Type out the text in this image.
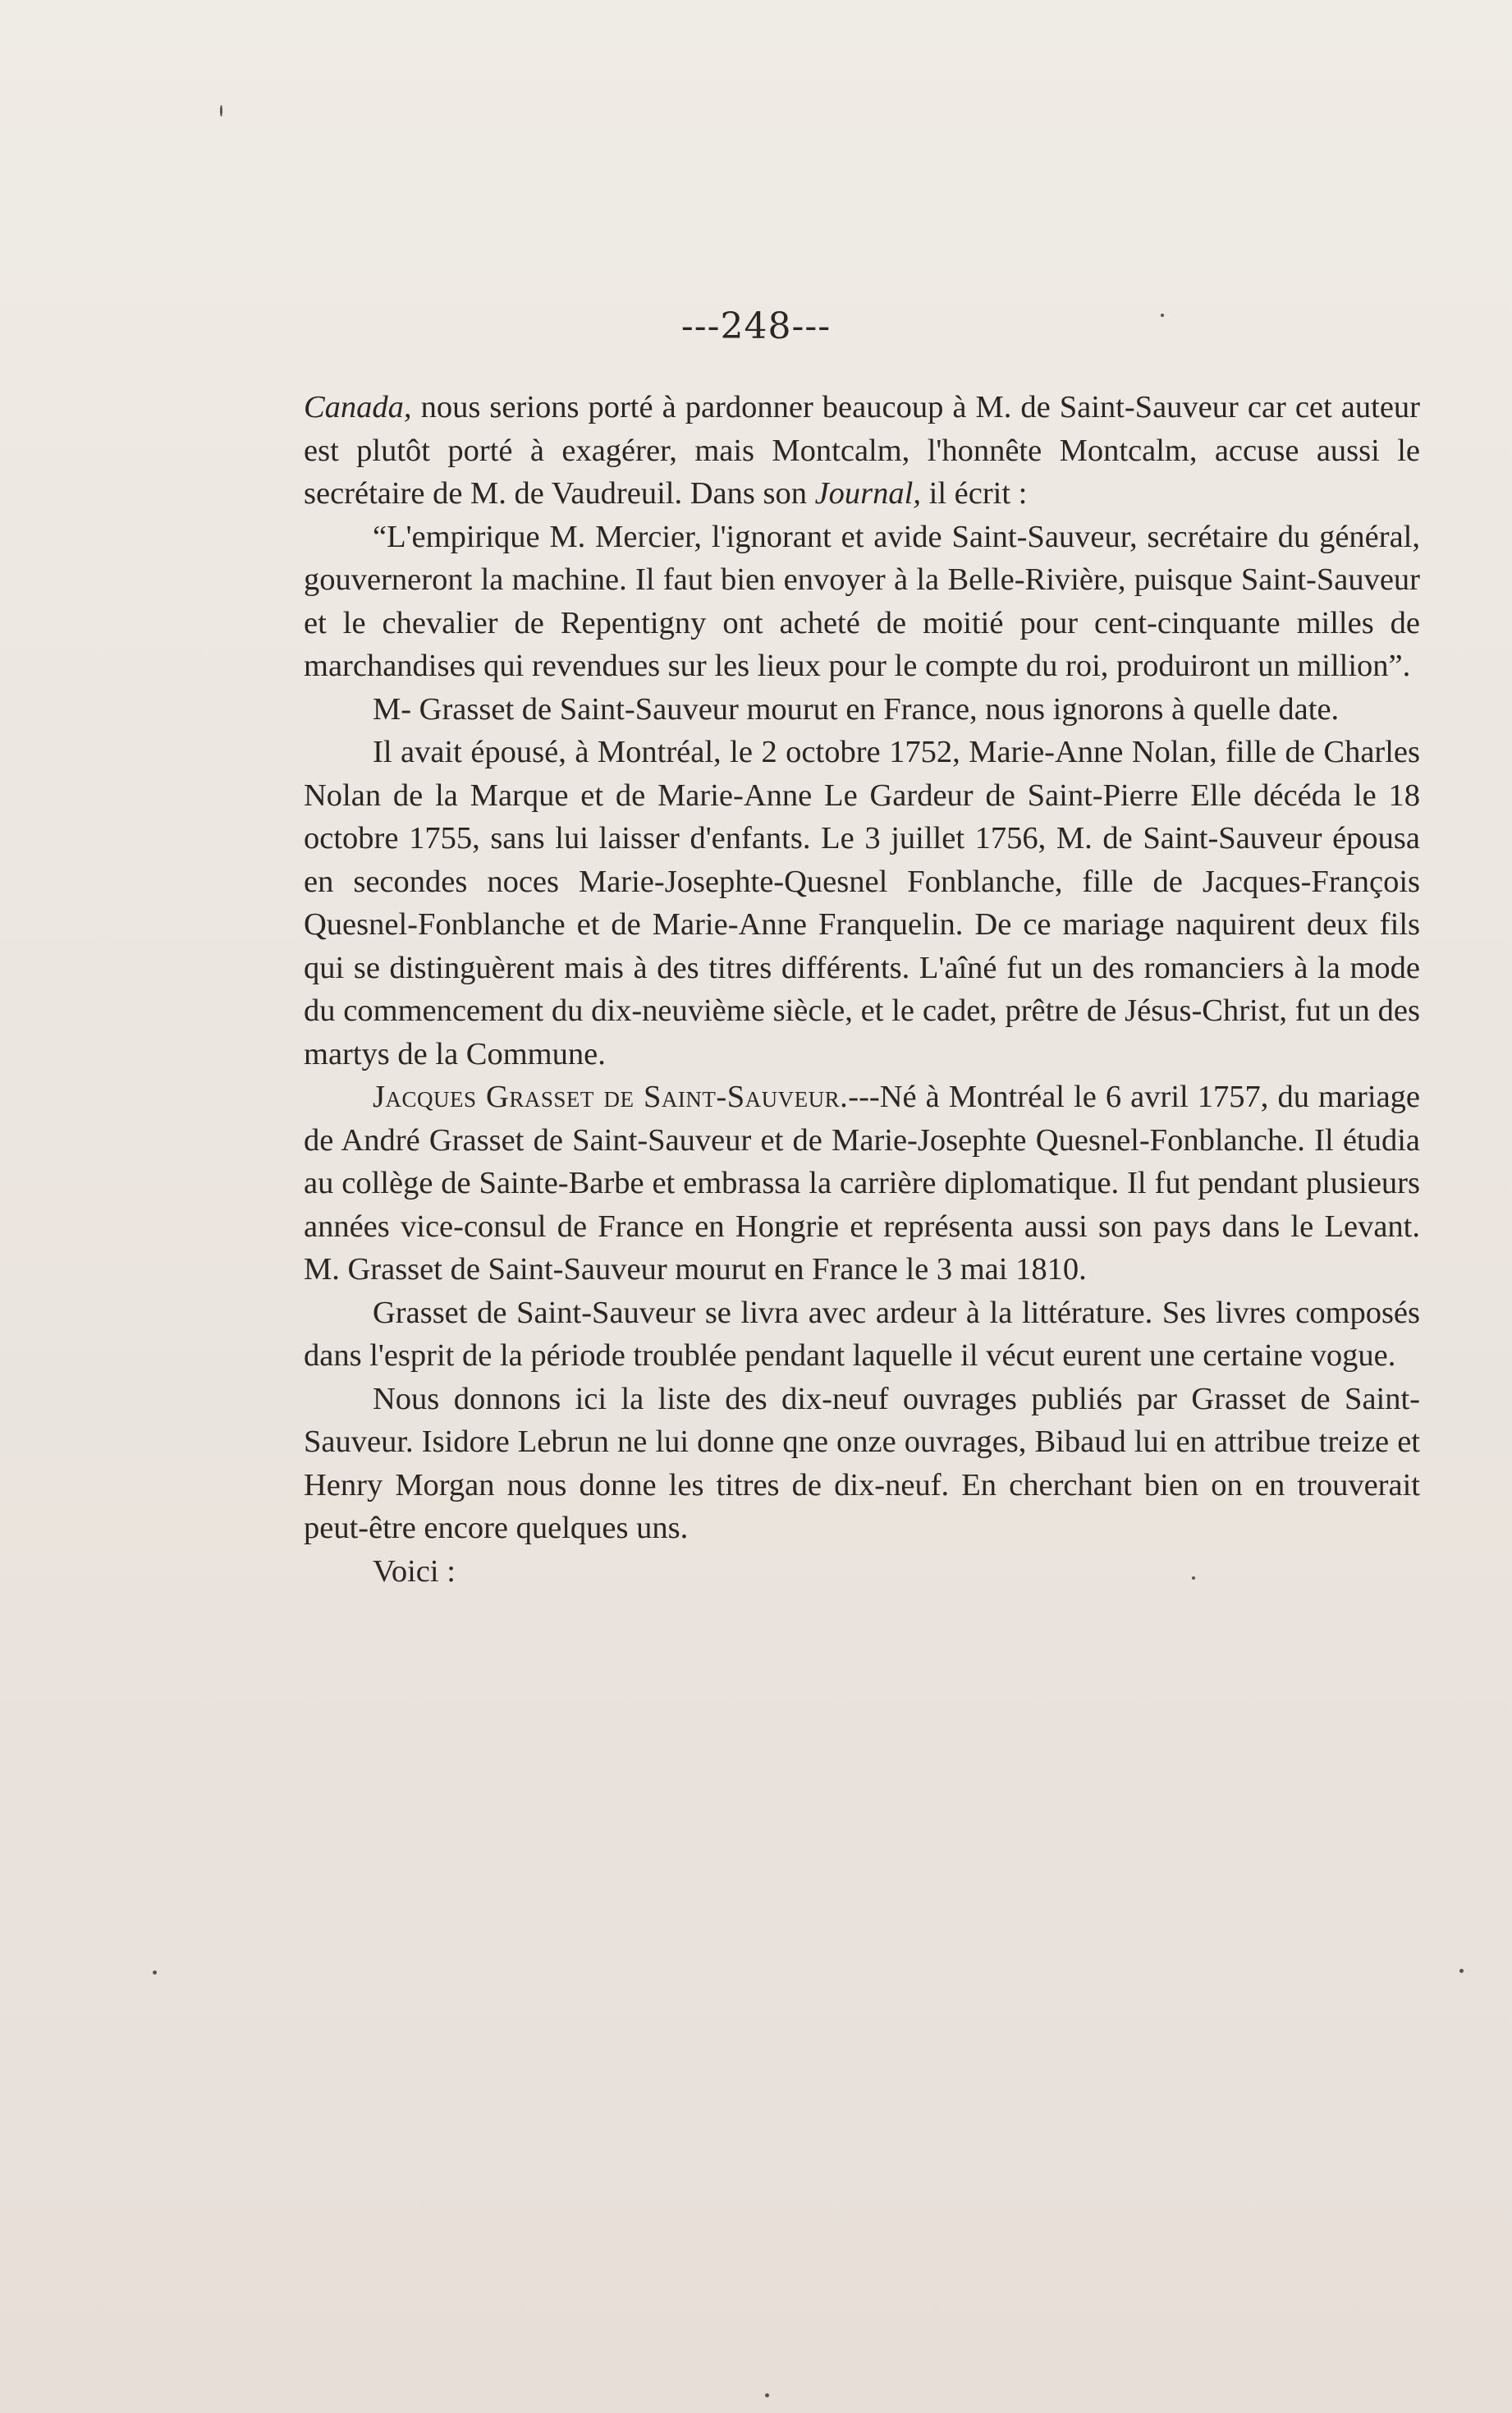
---248---

Canada, nous serions porté à pardonner beaucoup à M. de Saint-Sauveur car cet auteur est plutôt porté à exagérer, mais Montcalm, l'honnête Montcalm, accuse aussi le secrétaire de M. de Vaudreuil. Dans son Journal, il écrit :

“L'empirique M. Mercier, l'ignorant et avide Saint-Sauveur, secrétaire du général, gouverneront la machine. Il faut bien envoyer à la Belle-Rivière, puisque Saint-Sauveur et le chevalier de Repentigny ont acheté de moitié pour cent-cinquante milles de marchandises qui revendues sur les lieux pour le compte du roi, produiront un million”.

M- Grasset de Saint-Sauveur mourut en France, nous ignorons à quelle date.

Il avait épousé, à Montréal, le 2 octobre 1752, Marie-Anne Nolan, fille de Charles Nolan de la Marque et de Marie-Anne Le Gardeur de Saint-Pierre Elle décéda le 18 octobre 1755, sans lui laisser d'enfants. Le 3 juillet 1756, M. de Saint-Sauveur épousa en secondes noces Marie-Josephte-Quesnel Fonblanche, fille de Jacques-François Quesnel-Fonblanche et de Marie-Anne Franquelin. De ce mariage naquirent deux fils qui se distinguèrent mais à des titres différents. L'aîné fut un des romanciers à la mode du commencement du dix-neuvième siècle, et le cadet, prêtre de Jésus-Christ, fut un des martys de la Commune.

Jacques Grasset de Saint-Sauveur.---Né à Montréal le 6 avril 1757, du mariage de André Grasset de Saint-Sauveur et de Marie-Josephte Quesnel-Fonblanche. Il étudia au collège de Sainte-Barbe et embrassa la carrière diplomatique. Il fut pendant plusieurs années vice-consul de France en Hongrie et représenta aussi son pays dans le Levant. M. Grasset de Saint-Sauveur mourut en France le 3 mai 1810.

Grasset de Saint-Sauveur se livra avec ardeur à la littérature. Ses livres composés dans l'esprit de la période troublée pendant laquelle il vécut eurent une certaine vogue.

Nous donnons ici la liste des dix-neuf ouvrages publiés par Grasset de Saint-Sauveur. Isidore Lebrun ne lui donne qne onze ouvrages, Bibaud lui en attribue treize et Henry Morgan nous donne les titres de dix-neuf. En cherchant bien on en trouverait peut-être encore quelques uns.

Voici :
